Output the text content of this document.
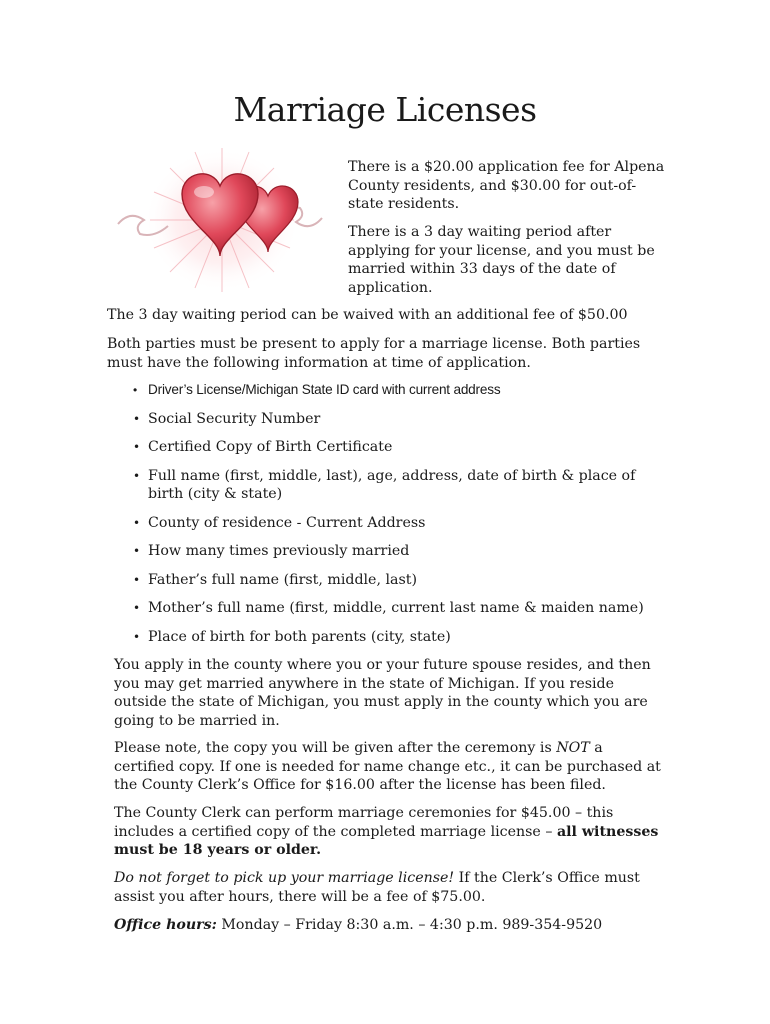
Marriage Licenses

There is a $20.00 application fee for Alpena County residents, and $30.00 for out-of-state residents.

There is a 3 day waiting period after applying for your license, and you must be married within 33 days of the date of application.

The 3 day waiting period can be waived with an additional fee of $50.00

Both parties must be present to apply for a marriage license. Both parties must have the following information at time of application.

• Driver’s License/Michigan State ID card with current address
• Social Security Number
• Certified Copy of Birth Certificate
• Full name (first, middle, last), age, address, date of birth & place of birth (city & state)
• County of residence - Current Address
• How many times previously married
• Father’s full name (first, middle, last)
• Mother’s full name (first, middle, current last name & maiden name)
• Place of birth for both parents (city, state)

You apply in the county where you or your future spouse resides, and then you may get married anywhere in the state of Michigan. If you reside outside the state of Michigan, you must apply in the county which you are going to be married in.

Please note, the copy you will be given after the ceremony is NOT a certified copy. If one is needed for name change etc., it can be purchased at the County Clerk’s Office for $16.00 after the license has been filed.

The County Clerk can perform marriage ceremonies for $45.00 – this includes a certified copy of the completed marriage license – all witnesses must be 18 years or older.

Do not forget to pick up your marriage license! If the Clerk’s Office must assist you after hours, there will be a fee of $75.00.

Office hours: Monday – Friday 8:30 a.m. – 4:30 p.m. 989-354-9520
